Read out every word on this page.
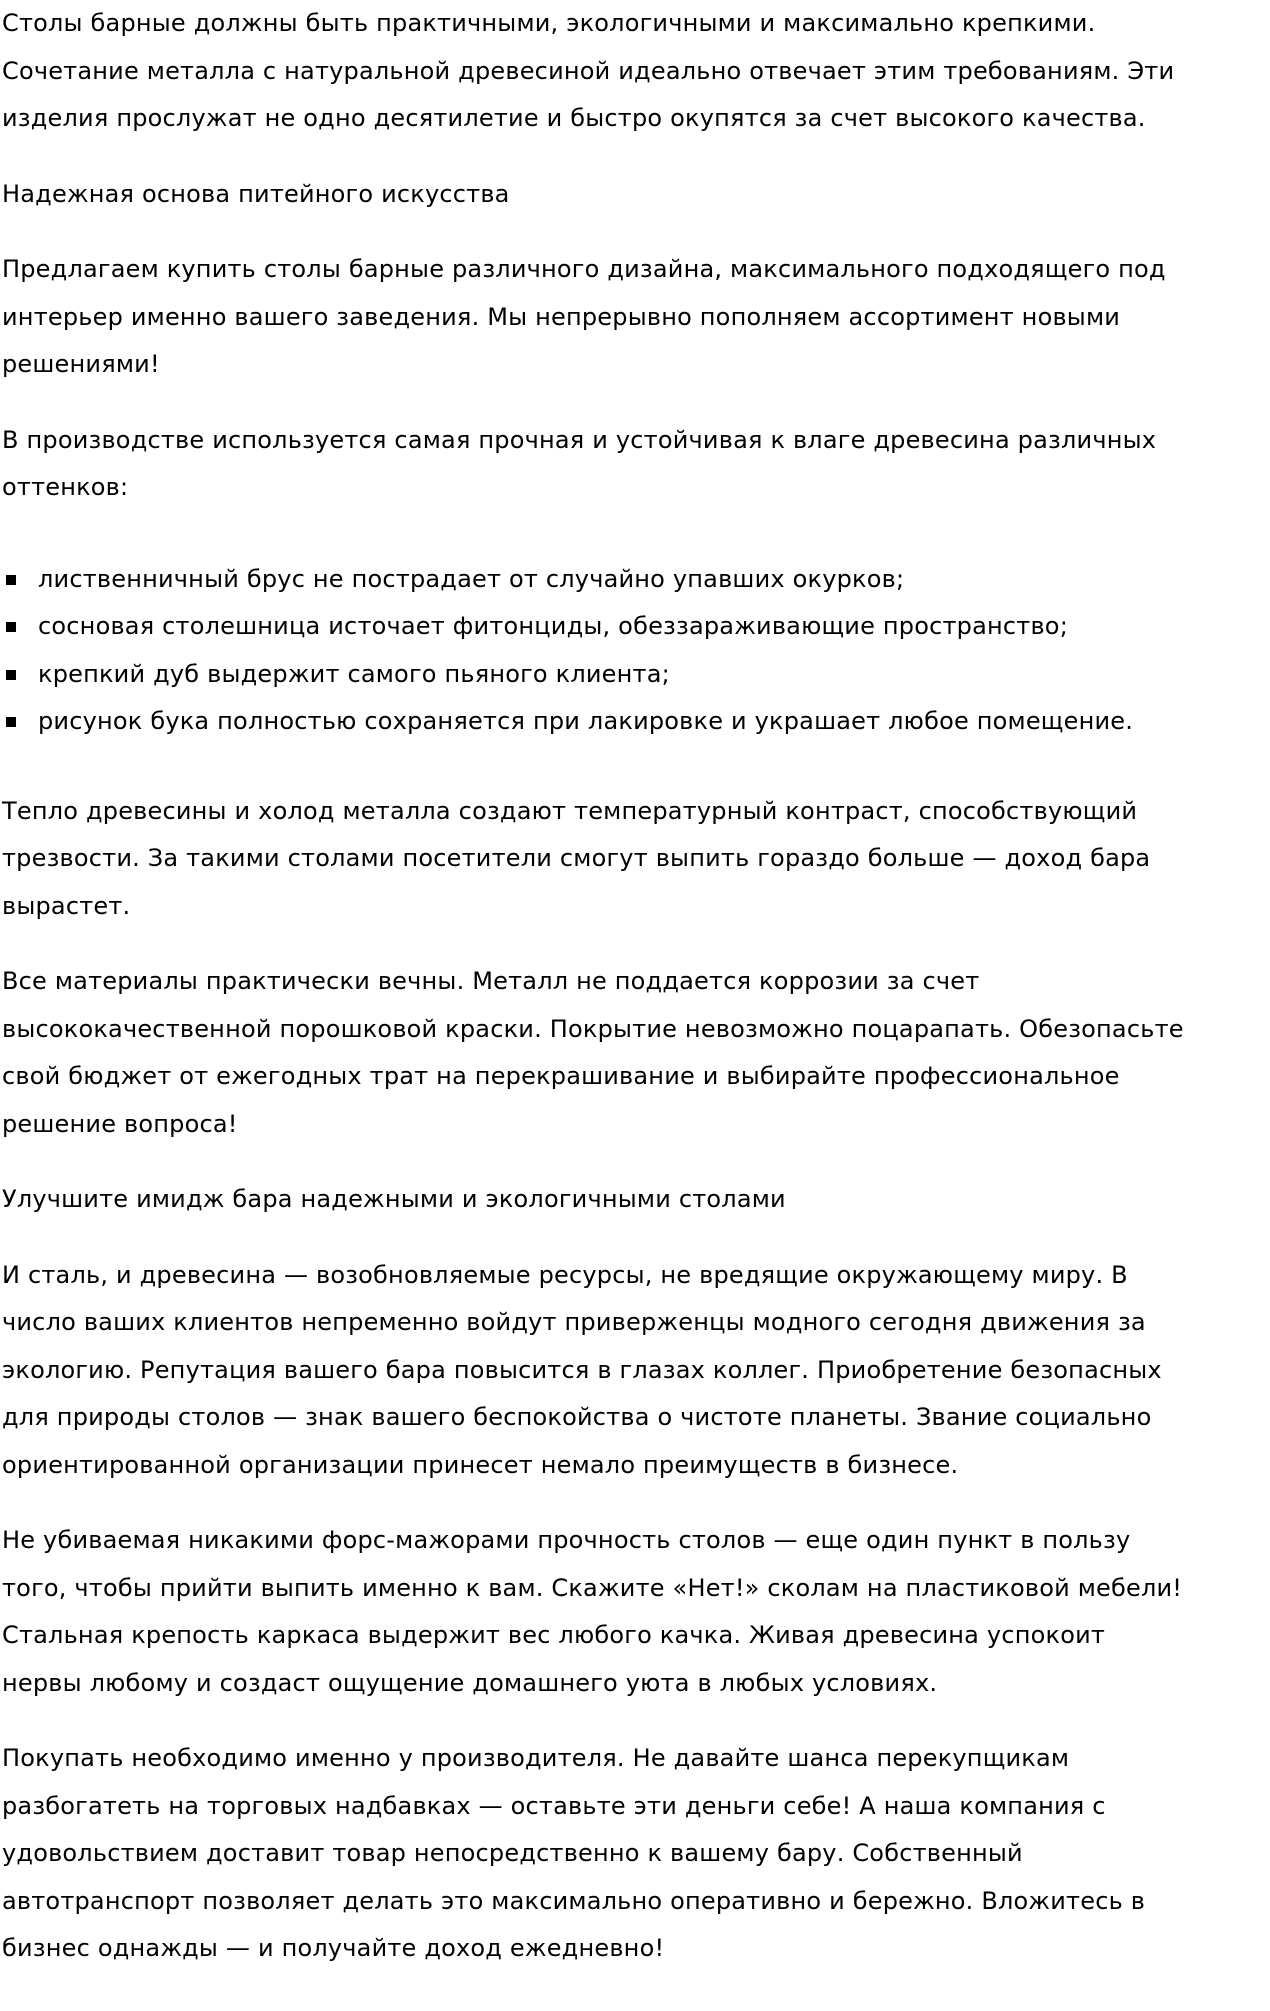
Столы барные должны быть практичными, экологичными и максимально крепкими.
Сочетание металла с натуральной древесиной идеально отвечает этим требованиям. Эти
изделия прослужат не одно десятилетие и быстро окупятся за счет высокого качества.
Надежная основа питейного искусства
Предлагаем купить столы барные различного дизайна, максимального подходящего под
интерьер именно вашего заведения. Мы непрерывно пополняем ассортимент новыми
решениями!
В производстве используется самая прочная и устойчивая к влаге древесина различных
оттенков:
лиственничный брус не пострадает от случайно упавших окурков;
сосновая столешница источает фитонциды, обеззараживающие пространство;
крепкий дуб выдержит самого пьяного клиента;
рисунок бука полностью сохраняется при лакировке и украшает любое помещение.
Тепло древесины и холод металла создают температурный контраст, способствующий
трезвости. За такими столами посетители смогут выпить гораздо больше — доход бара
вырастет.
Все материалы практически вечны. Металл не поддается коррозии за счет
высококачественной порошковой краски. Покрытие невозможно поцарапать. Обезопасьте
свой бюджет от ежегодных трат на перекрашивание и выбирайте профессиональное
решение вопроса!
Улучшите имидж бара надежными и экологичными столами
И сталь, и древесина — возобновляемые ресурсы, не вредящие окружающему миру. В
число ваших клиентов непременно войдут приверженцы модного сегодня движения за
экологию. Репутация вашего бара повысится в глазах коллег. Приобретение безопасных
для природы столов — знак вашего беспокойства о чистоте планеты. Звание социально
ориентированной организации принесет немало преимуществ в бизнесе.
Не убиваемая никакими форс-мажорами прочность столов — еще один пункт в пользу
того, чтобы прийти выпить именно к вам. Скажите «Нет!» сколам на пластиковой мебели!
Стальная крепость каркаса выдержит вес любого качка. Живая древесина успокоит
нервы любому и создаст ощущение домашнего уюта в любых условиях.
Покупать необходимо именно у производителя. Не давайте шанса перекупщикам
разбогатеть на торговых надбавках — оставьте эти деньги себе! А наша компания с
удовольствием доставит товар непосредственно к вашему бару. Собственный
автотранспорт позволяет делать это максимально оперативно и бережно. Вложитесь в
бизнес однажды — и получайте доход ежедневно!
